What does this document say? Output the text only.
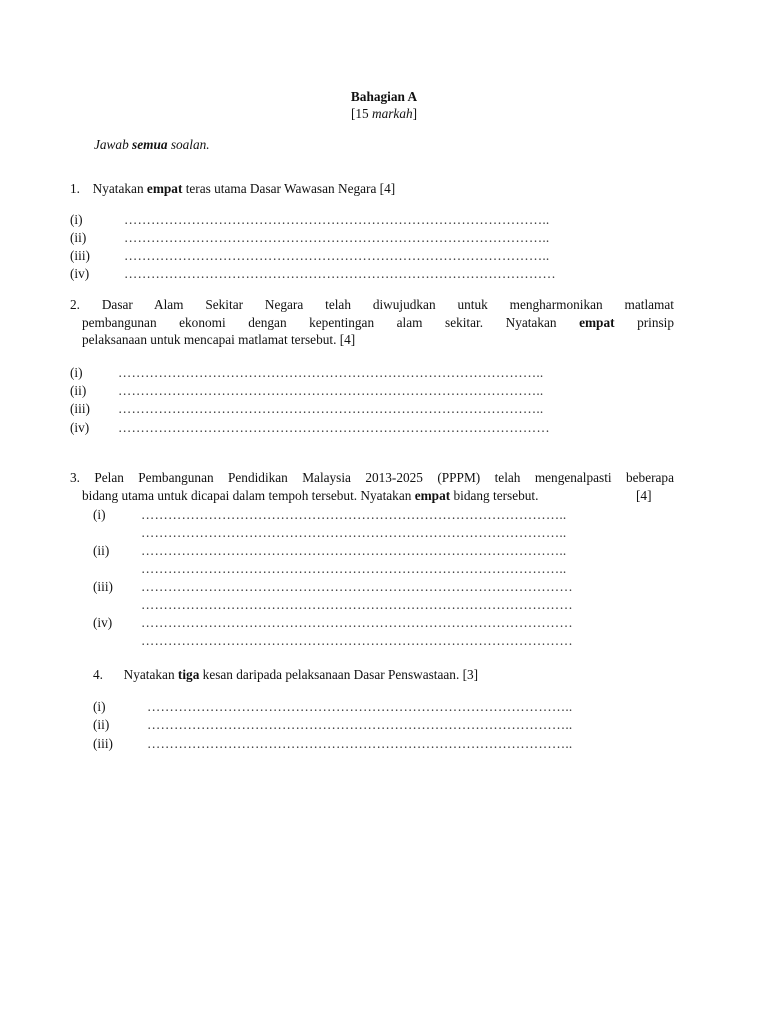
Bahagian A
[15 markah]
Jawab semua soalan.
1. Nyatakan empat teras utama Dasar Wawasan Negara [4]
(i)	…………………………………………………………………………………..
(ii)	…………………………………………………………………………………..
(iii)	…………………………………………………………………………………..
(iv)	……………………………………………………………………………………
2. Dasar Alam Sekitar Negara telah diwujudkan untuk mengharmonikan matlamat
pembangunan ekonomi dengan kepentingan alam sekitar. Nyatakan empat prinsip
pelaksanaan untuk mencapai matlamat tersebut. [4]
(i)	…………………………………………………………………………………..
(ii) …………………………………………………………………………………..
(iii) …………………………………………………………………………………..
(iv) ……………………………………………………………………………………
3. Pelan Pembangunan Pendidikan Malaysia 2013-2025 (PPPM) telah mengenalpasti beberapa
bidang utama untuk dicapai dalam tempoh tersebut. Nyatakan empat bidang tersebut.	[4]
(i)	…………………………………………………………………………………..
…………………………………………………………………………………..
(ii) …………………………………………………………………………………..
…………………………………………………………………………………..
(iii) ……………………………………………………………………………………
……………………………………………………………………………………
(iv) ……………………………………………………………………………………
……………………………………………………………………………………
4. Nyatakan tiga kesan daripada pelaksanaan Dasar Penswastaan. [3]
(i)	…………………………………………………………………………………..
(ii)	…………………………………………………………………………………..
(iii)	…………………………………………………………………………………..
